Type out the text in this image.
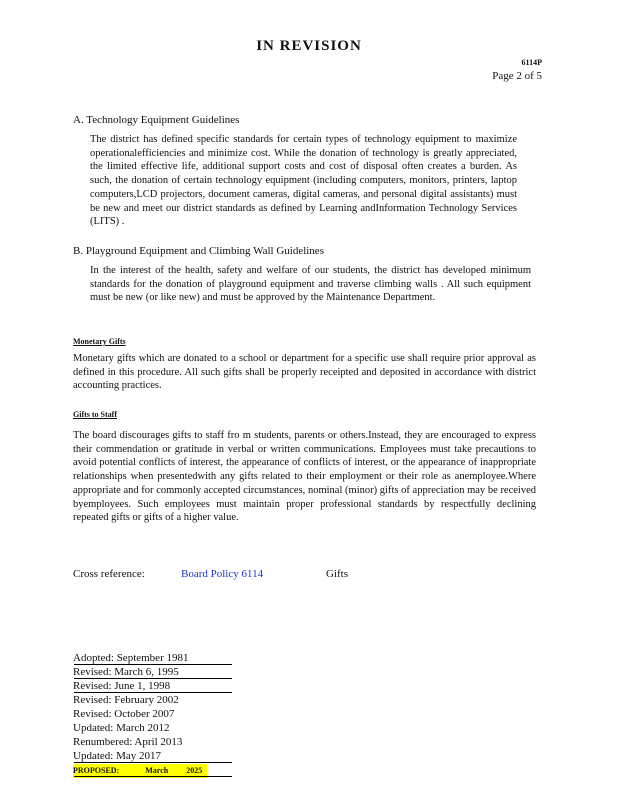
IN REVISION
6114P
Page 2 of 5
A. Technology Equipment Guidelines
The district has defined specific standards for certain types of technology equipment to maximize operationalefficiencies and minimize cost. While the donation of technology is greatly appreciated, the limited effective life, additional support costs and cost of disposal often creates a burden. As such, the donation of certain technology equipment (including computers, monitors, printers, laptop computers,LCD projectors, document cameras, digital cameras, and personal digital assistants) must be new and meet our district standards as defined by Learning andInformation Technology Services (LITS) .
B. Playground Equipment and Climbing Wall Guidelines
In the interest of the health, safety and welfare of our students, the district has developed minimum standards for the donation of playground equipment and traverse climbing walls . All such equipment must be new (or like new) and must be approved by the Maintenance Department.
Monetary Gifts
Monetary gifts which are donated to a school or department for a specific use shall require prior approval as defined in this procedure. All such gifts shall be properly receipted and deposited in accordance with district accounting practices.
Gifts to Staff
The board discourages gifts to staff fro m students, parents or others.Instead, they are encouraged to express their commendation or gratitude in verbal or written communications. Employees must take precautions to avoid potential conflicts of interest, the appearance of conflicts of interest, or the appearance of inappropriate relationships when presentedwith any gifts related to their employment or their role as anemployee.Where appropriate and for commonly accepted circumstances, nominal (minor) gifts of appreciation may be received byemployees. Such employees must maintain proper professional standards by respectfully declining repeated gifts or gifts of a higher value.
Cross reference:	Board Policy 6114	Gifts
Adopted: September 1981
Revised: March 6, 1995
Revised: June 1, 1998
Revised: February 2002
Revised: October 2007
Updated: March 2012
Renumbered: April 2013
Updated: May 2017
PROPOSED:	March 2025
